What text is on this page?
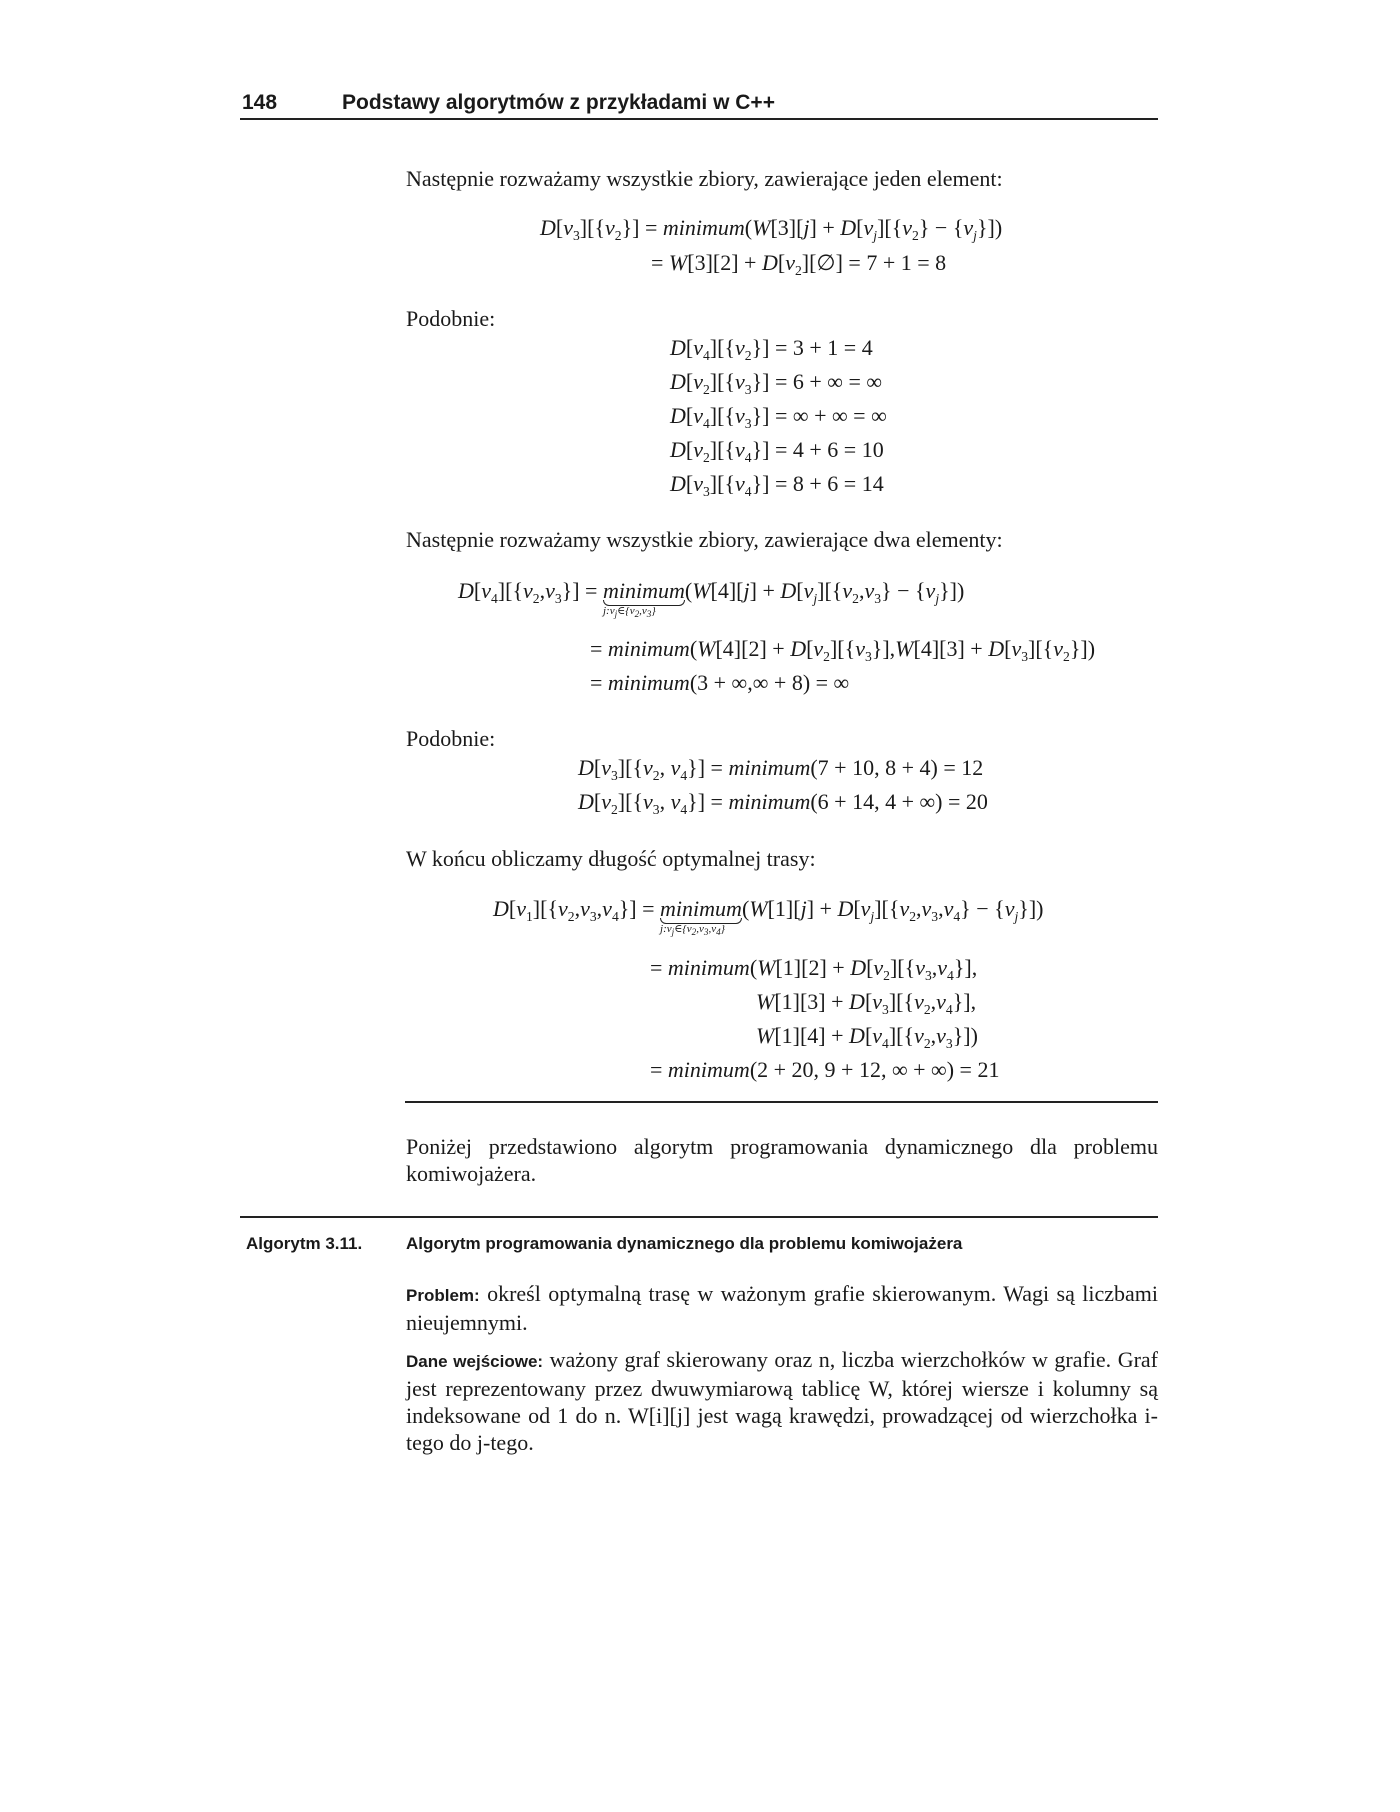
148	Podstawy algorytmów z przykładami w C++
Następnie rozważamy wszystkie zbiory, zawierające jeden element:
$D[v_3][\{v_2\}]$ = minimum(W[3][j] + $D[v_j][\{v_2\} - \{v_j\}]$)
= $W[3][2] + D[v_2][\emptyset] = 7 + 1 = 8$
Podobnie:
$D[v_4][\{v_2\}] = 3 + 1 = 4$
$D[v_2][\{v_3\}] = 6$ + ∞ = ∞
$D[v_4][\{v_3\}]$ = ∞ + ∞ = ∞
$D[v_2][\{v_4\}] = 4 + 6 = 10$
$D[v_3][\{v_4\}] = 8 + 6 = 14$
Następnie rozważamy wszystkie zbiory, zawierające dwa elementy:
$D[v_4][\{v_2,v_3\}]$ = minimum
$j:v_j\in\{v_2,v_3\}$
$(W[4][j] + D[v_j][\{v_2,v_3\} - \{v_j\}])$
= minimum(W[4][2] + $D[v_2][\{v_3\}],W[4][3] + D[v_3][\{v_2\}]$)
= minimum(3 + ∞,∞ + 8) = ∞
Podobnie:
$D[v_3][\{v_2$, $v_4$}] = minimum(7 + 10, 8 + 4) = 12
$D[v_2][\{v_3$, $v_4$}] = minimum(6 + 14, 4 + ∞) = 20
W końcu obliczamy długość optymalnej trasy:
$D[v_1][\{v_2,v_3,v_4\}]$ = minimum
$j:v_j\in\{v_2,v_3,v_4\}$
$(W[1][j] + D[v_j][\{v_2,v_3,v_4\} - \{v_j\}])$
= minimum(W[1][2] + $D[v_2][\{v_3,v_4\}]$,
$W[1][3] + D[v_3][\{v_2,v_4\}]$,
$W[1][4] + D[v_4][\{v_2,v_3\}]$)
= minimum(2 + 20, 9 + 12, ∞ + ∞) = 21
Poniżej przedstawiono algorytm programowania dynamicznego dla problemu komiwojażera.
Algorytm 3.11.	Algorytm programowania dynamicznego dla problemu komiwojażera
Problem: określ optymalną trasę w ważonym grafie skierowanym. Wagi są liczbami nieujemnymi.
Dane wejściowe: ważony graf skierowany oraz n, liczba wierzchołków w grafie. Graf jest reprezentowany przez dwuwymiarową tablicę W, której wiersze i kolumny są indeksowane od 1 do n. W[i][j] jest wagą krawędzi, prowadzącej od wierzchołka i-tego do j-tego.
